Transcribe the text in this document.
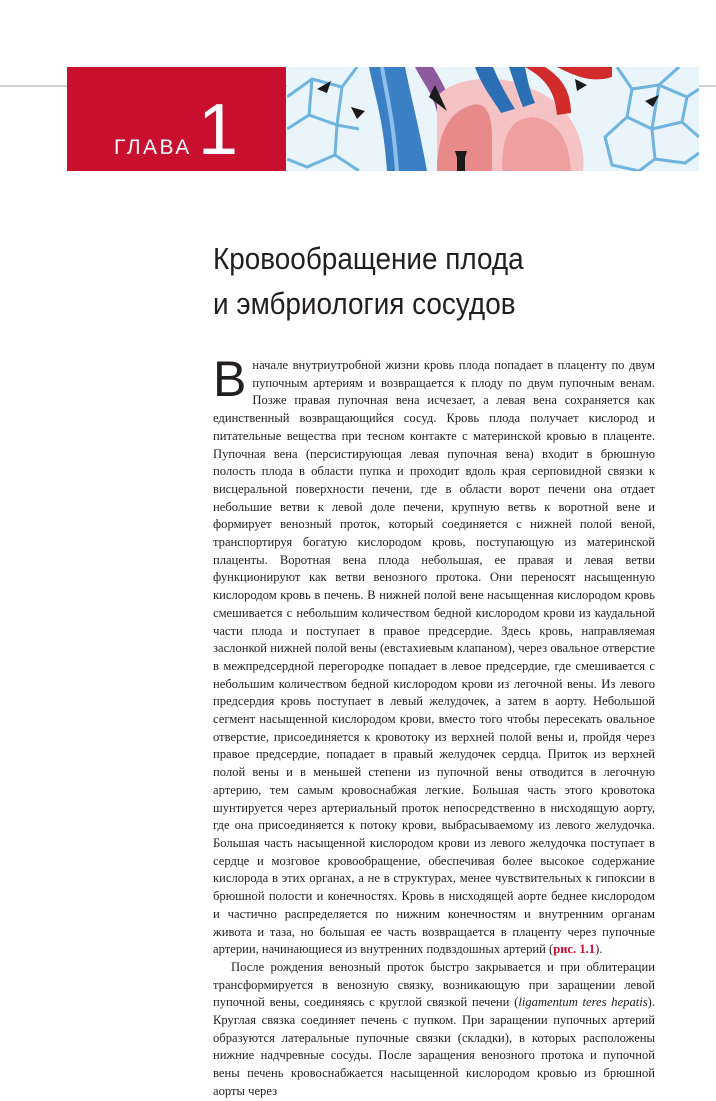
ГЛАВА 1
Кровообращение плода
и эмбриология сосудов

Вначале внутриутробной жизни кровь плода попадает в плаценту по двум пупочным артериям и возвращается к плоду по двум пупочным венам. Позже правая пупочная вена исчезает, а левая вена сохраняется как единственный возвращающийся сосуд. Кровь плода получает кислород и питательные вещества при тесном контакте с материнской кровью в плаценте. Пупочная вена (персистирующая левая пупочная вена) входит в брюшную полость плода в области пупка и проходит вдоль края серповидной связки к висцеральной поверхности печени, где в области ворот печени она отдает небольшие ветви к левой доле печени, крупную ветвь к воротной вене и формирует венозный проток, который соединяется с нижней полой веной, транспортируя богатую кислородом кровь, поступающую из материнской плаценты. Воротная вена плода небольшая, ее правая и левая ветви функционируют как ветви венозного протока. Они переносят насыщенную кислородом кровь в печень. В нижней полой вене насыщенная кислородом кровь смешивается с небольшим количеством бедной кислородом крови из каудальной части плода и поступает в правое предсердие. Здесь кровь, направляемая заслонкой нижней полой вены (евстахиевым клапаном), через овальное отверстие в межпредсердной перегородке попадает в левое предсердие, где смешивается с небольшим количеством бедной кислородом крови из легочной вены. Из левого предсердия кровь поступает в левый желудочек, а затем в аорту. Небольшой сегмент насыщенной кислородом крови, вместо того чтобы пересекать овальное отверстие, присоединяется к кровотоку из верхней полой вены и, пройдя через правое предсердие, попадает в правый желудочек сердца. Приток из верхней полой вены и в меньшей степени из пупочной вены отводится в легочную артерию, тем самым кровоснабжая легкие. Большая часть этого кровотока шунтируется через артериальный проток непосредственно в нисходящую аорту, где она присоединяется к потоку крови, выбрасываемому из левого желудочка. Большая часть насыщенной кислородом крови из левого желудочка поступает в сердце и мозговое кровообращение, обеспечивая более высокое содержание кислорода в этих органах, а не в структурах, менее чувствительных к гипоксии в брюшной полости и конечностях. Кровь в нисходящей аорте беднее кислородом и частично распределяется по нижним конечностям и внутренним органам живота и таза, но большая ее часть возвращается в плаценту через пупочные артерии, начинающиеся из внутренних подвздошных артерий (рис. 1.1).

После рождения венозный проток быстро закрывается и при облитерации трансформируется в венозную связку, возникающую при заращении левой пупочной вены, соединяясь с круглой связкой печени (ligamentum teres hepatis). Круглая связка соединяет печень с пупком. При заращении пупочных артерий образуются латеральные пупочные связки (складки), в которых расположены нижние надчревные сосуды. После заращения венозного протока и пупочной вены печень кровоснабжается насыщенной кислородом кровью из брюшной аорты через
